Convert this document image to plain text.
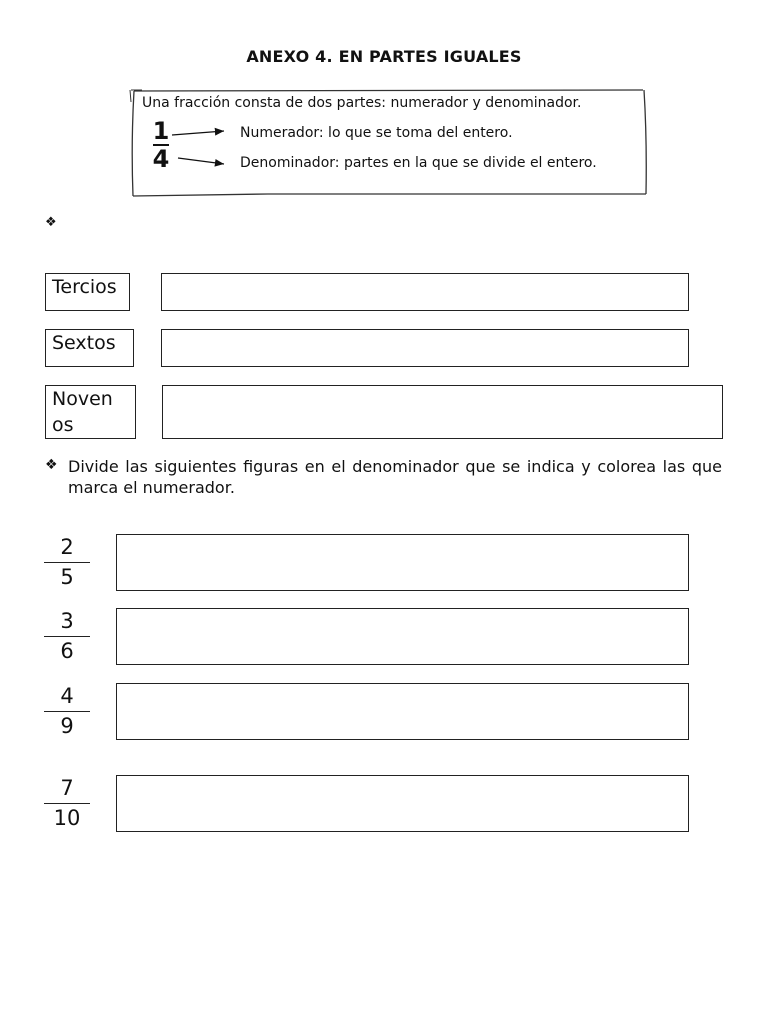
ANEXO 4. EN PARTES IGUALES
Una fracción consta de dos partes: numerador y denominador.
1
4
Numerador: lo que se toma del entero.
Denominador: partes en la que se divide el entero.
❖
Tercios
Sextos
Noven
os
❖ Divide las siguientes figuras en el denominador que se indica y colorea las que marca el numerador.
2
5
3
6
4
9
7
10
